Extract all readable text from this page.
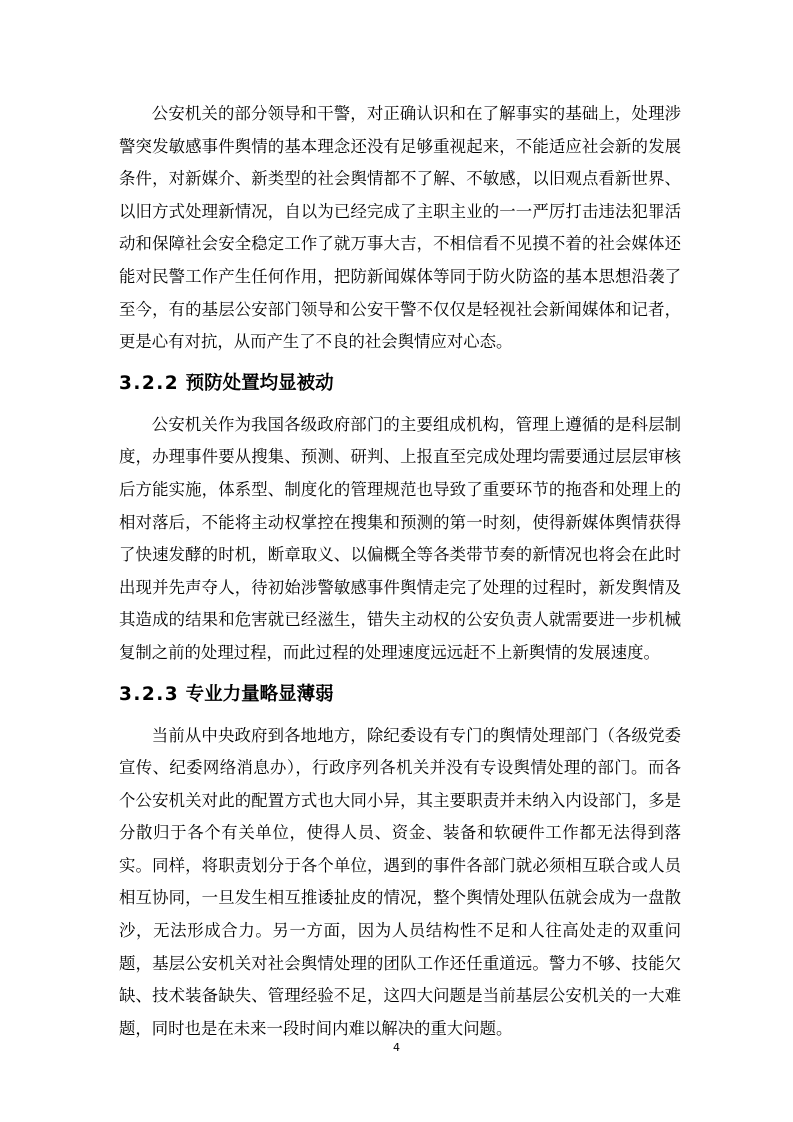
公安机关的部分领导和干警，对正确认识和在了解事实的基础上，处理涉警突发敏感事件舆情的基本理念还没有足够重视起来，不能适应社会新的发展条件，对新媒介、新类型的社会舆情都不了解、不敏感，以旧观点看新世界、以旧方式处理新情况，自以为已经完成了主职主业的一一严厉打击违法犯罪活动和保障社会安全稳定工作了就万事大吉，不相信看不见摸不着的社会媒体还能对民警工作产生任何作用，把防新闻媒体等同于防火防盗的基本思想沿袭了至今，有的基层公安部门领导和公安干警不仅仅是轻视社会新闻媒体和记者，更是心有对抗，从而产生了不良的社会舆情应对心态。

3.2.2 预防处置均显被动

公安机关作为我国各级政府部门的主要组成机构，管理上遵循的是科层制度，办理事件要从搜集、预测、研判、上报直至完成处理均需要通过层层审核后方能实施，体系型、制度化的管理规范也导致了重要环节的拖沓和处理上的相对落后，不能将主动权掌控在搜集和预测的第一时刻，使得新媒体舆情获得了快速发酵的时机，断章取义、以偏概全等各类带节奏的新情况也将会在此时出现并先声夺人，待初始涉警敏感事件舆情走完了处理的过程时，新发舆情及其造成的结果和危害就已经滋生，错失主动权的公安负责人就需要进一步机械复制之前的处理过程，而此过程的处理速度远远赶不上新舆情的发展速度。

3.2.3 专业力量略显薄弱

当前从中央政府到各地地方，除纪委设有专门的舆情处理部门（各级党委宣传、纪委网络消息办），行政序列各机关并没有专设舆情处理的部门。而各个公安机关对此的配置方式也大同小异，其主要职责并未纳入内设部门，多是分散归于各个有关单位，使得人员、资金、装备和软硬件工作都无法得到落实。同样，将职责划分于各个单位，遇到的事件各部门就必须相互联合或人员相互协同，一旦发生相互推诿扯皮的情况，整个舆情处理队伍就会成为一盘散沙，无法形成合力。另一方面，因为人员结构性不足和人往高处走的双重问题，基层公安机关对社会舆情处理的团队工作还任重道远。警力不够、技能欠缺、技术装备缺失、管理经验不足，这四大问题是当前基层公安机关的一大难题，同时也是在未来一段时间内难以解决的重大问题。

4
